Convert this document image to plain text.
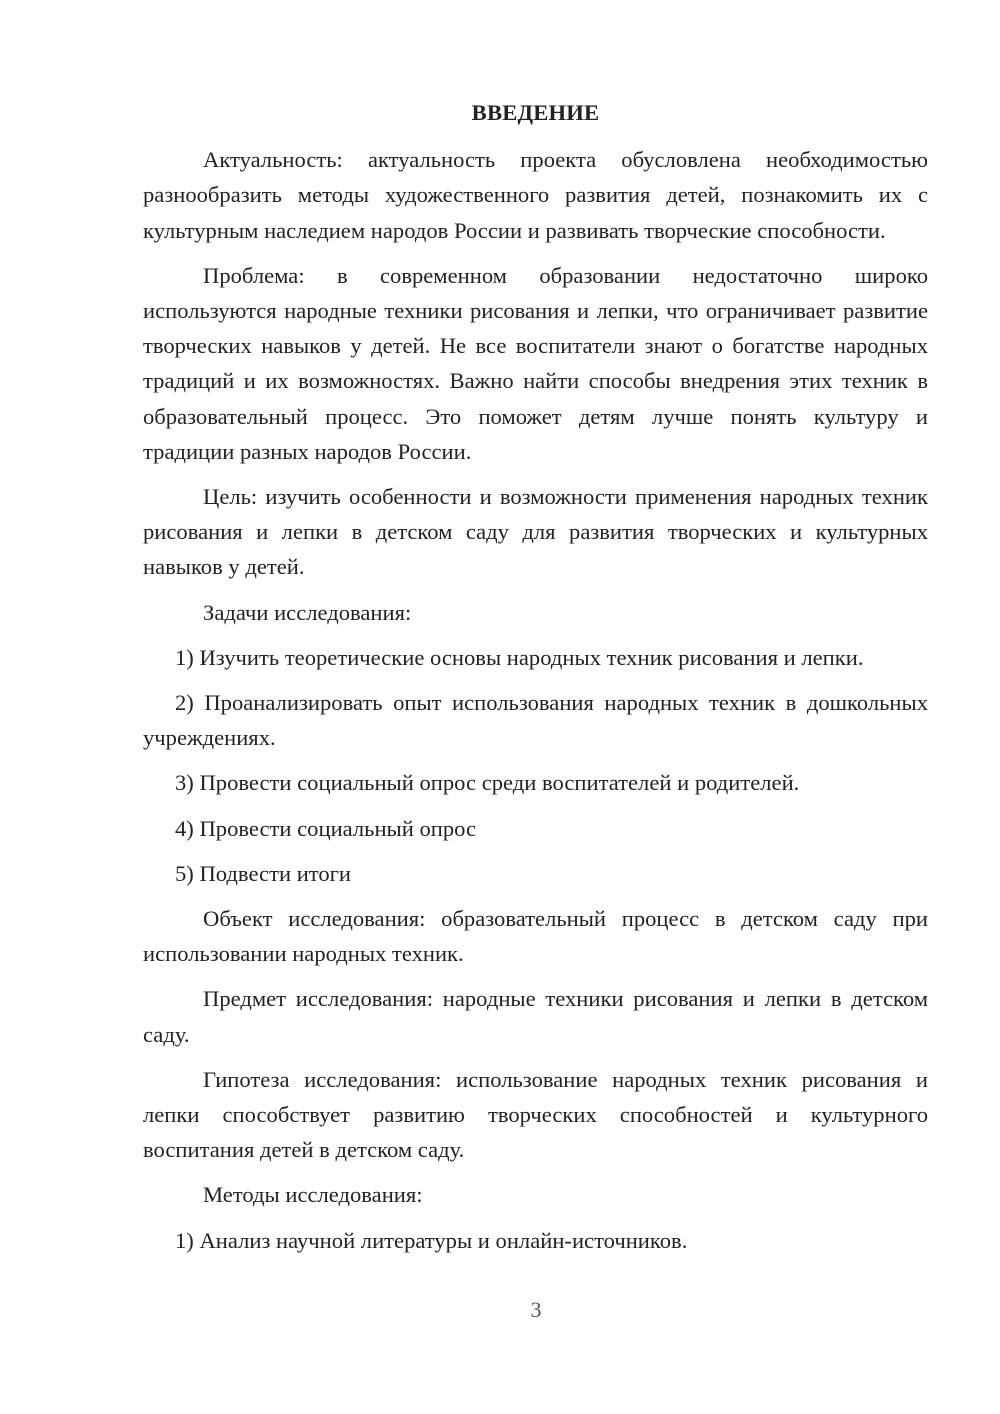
ВВЕДЕНИЕ

Актуальность: актуальность проекта обусловлена необходимостью разнообразить методы художественного развития детей, познакомить их с культурным наследием народов России и развивать творческие способности.

Проблема: в современном образовании недостаточно широко используются народные техники рисования и лепки, что ограничивает развитие творческих навыков у детей. Не все воспитатели знают о богатстве народных традиций и их возможностях. Важно найти способы внедрения этих техник в образовательный процесс. Это поможет детям лучше понять культуру и традиции разных народов России.

Цель: изучить особенности и возможности применения народных техник рисования и лепки в детском саду для развития творческих и культурных навыков у детей.

Задачи исследования:

1) Изучить теоретические основы народных техник рисования и лепки.

2) Проанализировать опыт использования народных техник в дошкольных учреждениях.

3) Провести социальный опрос среди воспитателей и родителей.

4) Провести социальный опрос

5) Подвести итоги

Объект исследования: образовательный процесс в детском саду при использовании народных техник.

Предмет исследования: народные техники рисования и лепки в детском саду.

Гипотеза исследования: использование народных техник рисования и лепки способствует развитию творческих способностей и культурного воспитания детей в детском саду.

Методы исследования:

1) Анализ научной литературы и онлайн-источников.

3
